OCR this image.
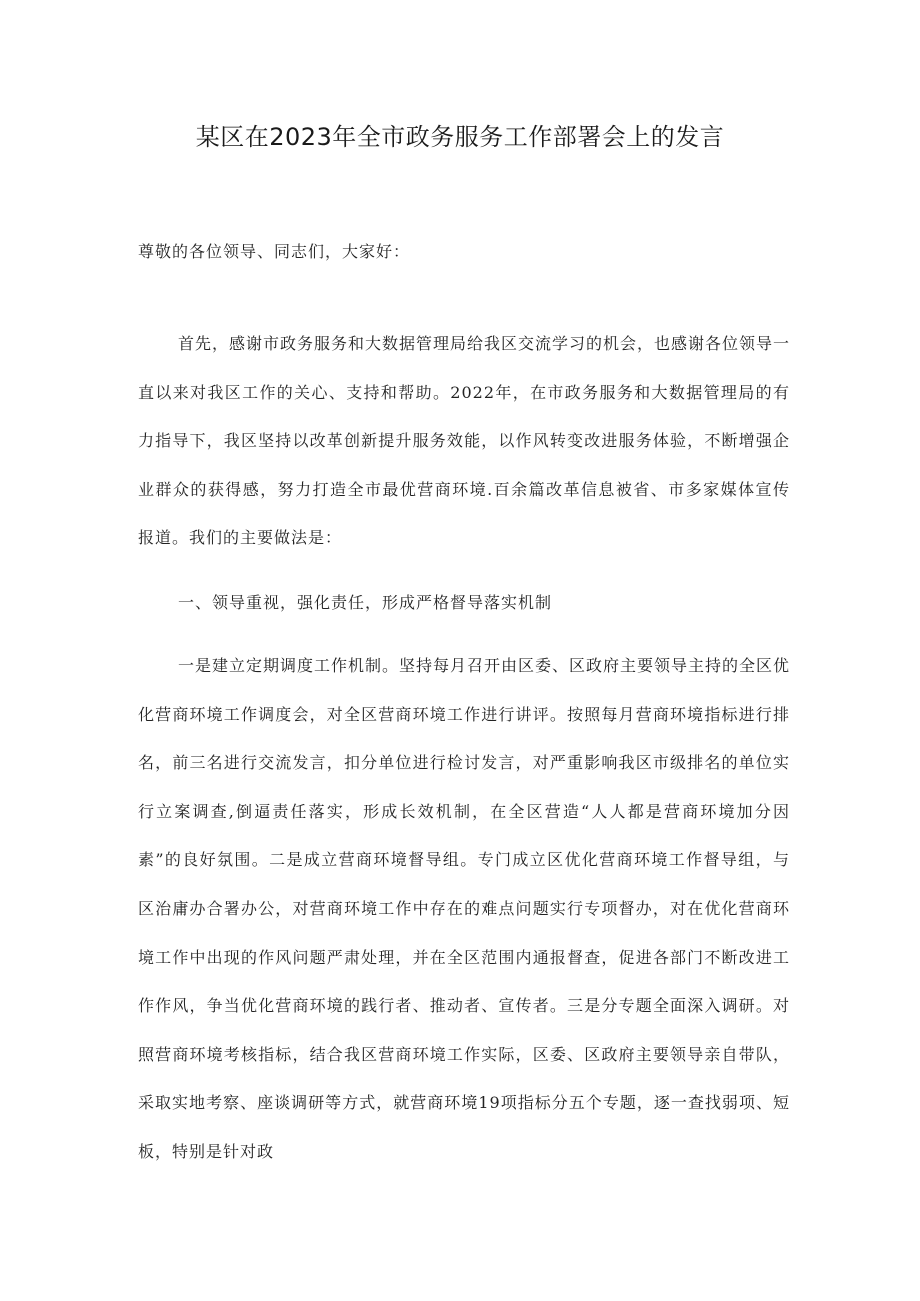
某区在2023年全市政务服务工作部署会上的发言
尊敬的各位领导、同志们，大家好：
首先，感谢市政务服务和大数据管理局给我区交流学习的机会，也感谢各位领导一直以来对我区工作的关心、支持和帮助。2022年，在市政务服务和大数据管理局的有力指导下，我区坚持以改革创新提升服务效能，以作风转变改进服务体验，不断增强企业群众的获得感，努力打造全市最优营商环境.百余篇改革信息被省、市多家媒体宣传报道。我们的主要做法是：
一、领导重视，强化责任，形成严格督导落实机制
一是建立定期调度工作机制。坚持每月召开由区委、区政府主要领导主持的全区优化营商环境工作调度会，对全区营商环境工作进行讲评。按照每月营商环境指标进行排名，前三名进行交流发言，扣分单位进行检讨发言，对严重影响我区市级排名的单位实行立案调查,倒逼责任落实，形成长效机制，在全区营造“人人都是营商环境加分因素”的良好氛围。二是成立营商环境督导组。专门成立区优化营商环境工作督导组，与区治庸办合署办公，对营商环境工作中存在的难点问题实行专项督办，对在优化营商环境工作中出现的作风问题严肃处理，并在全区范围内通报督查，促进各部门不断改进工作作风，争当优化营商环境的践行者、推动者、宣传者。三是分专题全面深入调研。对照营商环境考核指标，结合我区营商环境工作实际，区委、区政府主要领导亲自带队，采取实地考察、座谈调研等方式，就营商环境19项指标分五个专题，逐一查找弱项、短板，特别是针对政
